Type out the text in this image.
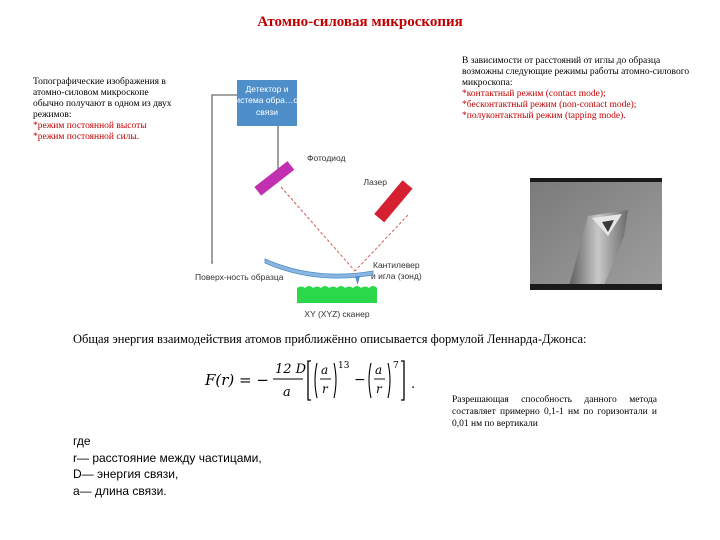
Атомно-силовая микроскопия
Топографические изображения в атомно-силовом микроскопе обычно получают в одном из двух режимов:
*режим постоянной высоты
*режим постоянной силы.
В зависимости от расстояний от иглы до образца возможны следующие режимы работы атомно-силового микроскопа:
*контактный режим (contact mode);
*бесконтактный режим (non-contact mode);
*полуконтактный режим (tapping mode).
Детектор и
система обра…ой
связи
Фотодиод
Лазер
Поверх-ность образца
Кантилевер
и игла (зонд)
XY (XYZ) сканер
Общая энергия взаимодействия атомов приближённо описывается формулой Леннарда-Джонса:
F(r) = −
12 D
a
a
r
13
−
a
r
7
.
Разрешающая способность данного метода составляет примерно 0,1-1 нм по горизонтали и 0,01 нм по вертикали
где
r— расстояние между частицами,
D— энергия связи,
a— длина связи.
